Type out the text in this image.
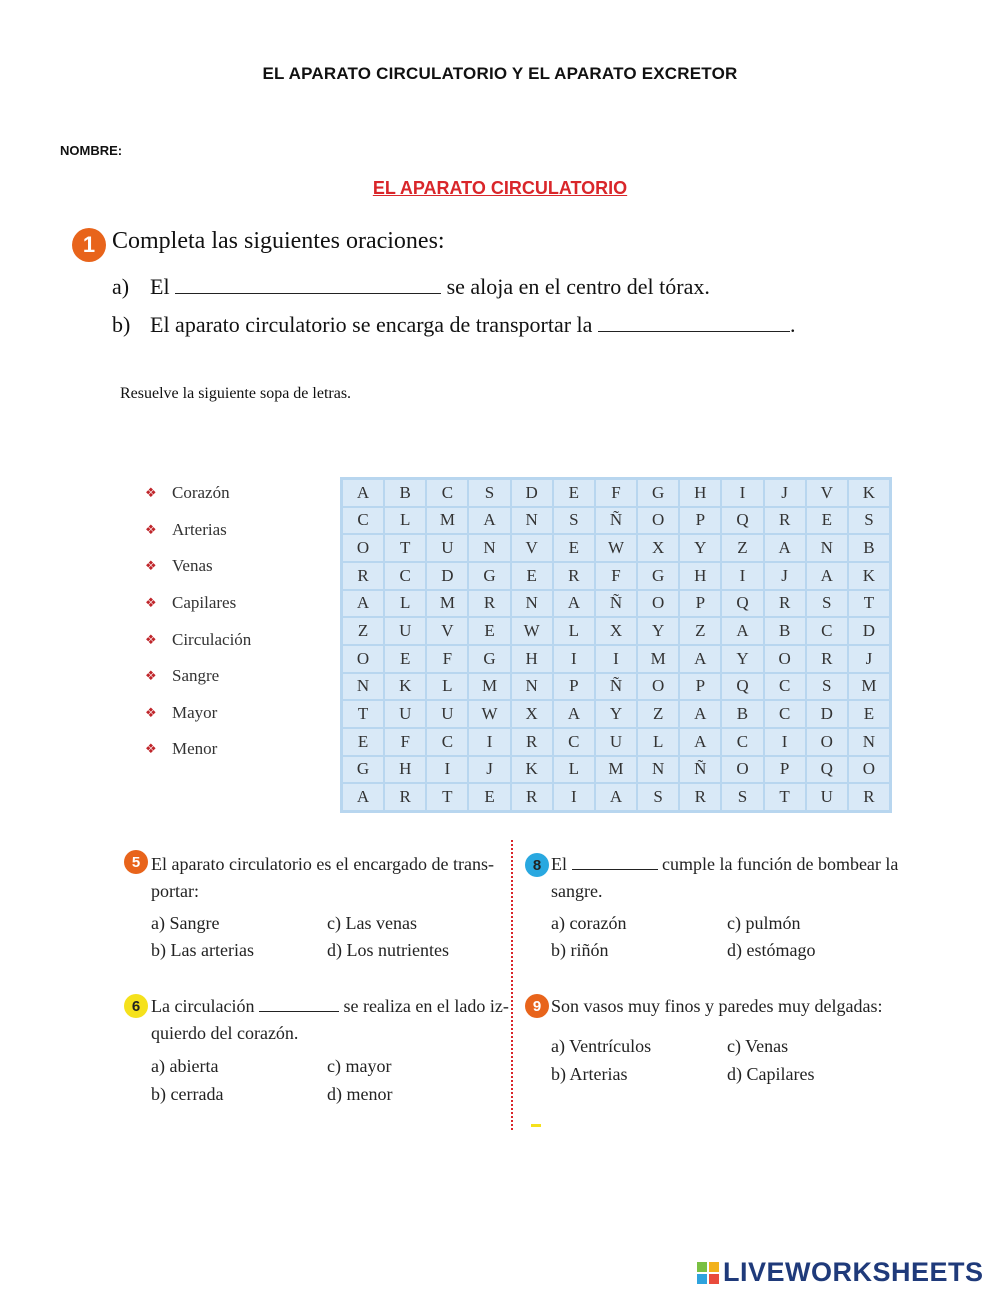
EL APARATO CIRCULATORIO Y EL APARATO EXCRETOR
NOMBRE:
EL APARATO CIRCULATORIO
1 Completa las siguientes oraciones:
a) El	se aloja en el centro del tórax.
b) El aparato circulatorio se encarga de transportar la	.
Resuelve la siguiente sopa de letras.
❖ Corazón
❖ Arterias
❖ Venas
❖ Capilares
❖ Circulación
❖ Sangre
❖ Mayor
❖ Menor
A	B	C	S	D	E	F	G	H	I	J	V	K
C	L	M	A	N	S	Ñ	O	P	Q	R	E	S
O	T	U	N	V	E	W	X	Y	Z	A	N	B
R	C	D	G	E	R	F	G	H	I	J	A	K
A	L	M	R	N	A	Ñ	O	P	Q	R	S	T
Z	U	V	E	W	L	X	Y	Z	A	B	C	D
O	E	F	G	H	I	I	M	A	Y	O	R	J
N	K	L	M	N	P	Ñ	O	P	Q	C	S	M
T	U	U	W	X	A	Y	Z	A	B	C	D	E
E	F	C	I	R	C	U	L	A	C	I	O	N
G	H	I	J	K	L	M	N	Ñ	O	P	Q	O
A	R	T	E	R	I	A	S	R	S	T	U	R
5 El aparato circulatorio es el encargado de trans-
portar:
a) Sangre	c) Las venas
b) Las arterias	d) Los nutrientes
8 El	cumple la función de bombear la
sangre.
a) corazón	c) pulmón
b) riñón	d) estómago
6 La circulación	se realiza en el lado iz-
quierdo del corazón.
a) abierta	c) mayor
b) cerrada	d) menor
9 Son vasos muy finos y paredes muy delgadas:
a) Ventrículos	c) Venas
b) Arterias	d) Capilares
LIVEWORKSHEETS
